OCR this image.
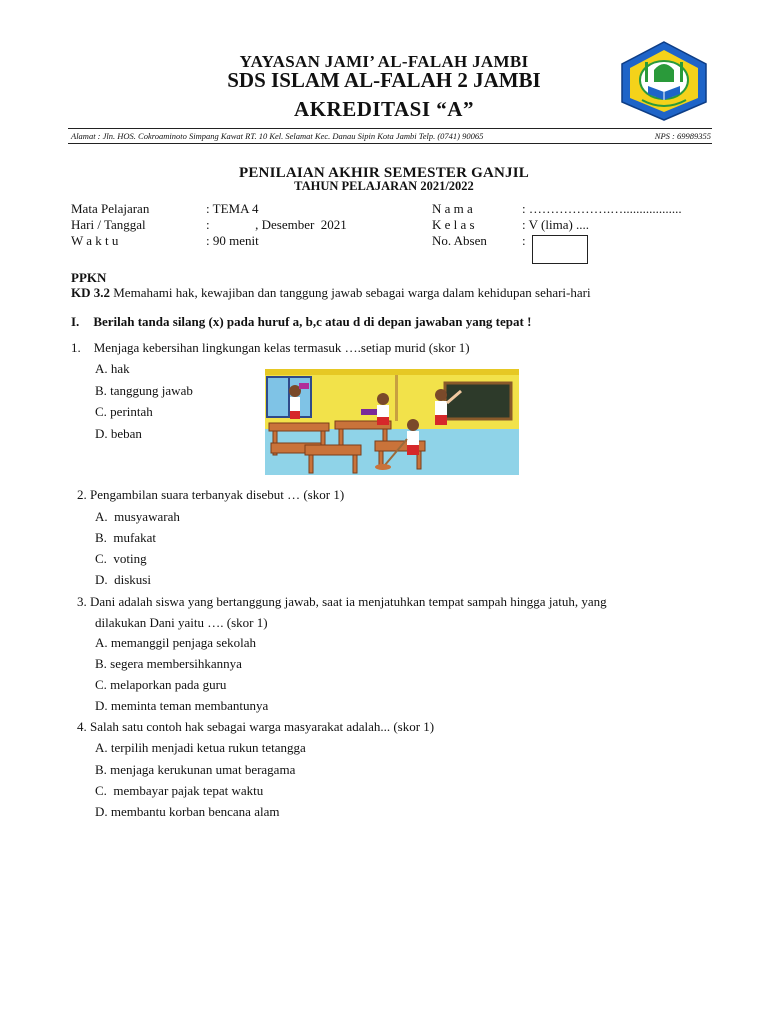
YAYASAN JAMI’ AL-FALAH JAMBI
SDS ISLAM AL-FALAH 2 JAMBI
AKREDITASI “A”
Alamat : Jln. HOS. Cokroaminoto Simpang Kawat RT. 10 Kel. Selamat Kec. Danau Sipin Kota Jambi Telp. (0741) 90065	NPS : 69989355
PENILAIAN AKHIR SEMESTER GANJIL
TAHUN PELAJARAN 2021/2022
Mata Pelajaran	: TEMA 4
Hari / Tanggal	:              , Desember  2021
W a k t u	: 90 menit
N a m a	: ……………….…..................
K e l a s	: V (lima) ....
No. Absen	:
PPKN
KD 3.2 Memahami hak, kewajiban dan tanggung jawab sebagai warga dalam kehidupan sehari-hari
I. Berilah tanda silang (x) pada huruf a, b,c atau d di depan jawaban yang tepat !
1.    Menjaga kebersihan lingkungan kelas termasuk ….setiap murid (skor 1)
A. hak
B. tanggung jawab
C. perintah
D. beban
2. Pengambilan suara terbanyak disebut … (skor 1)
A.  musyawarah
B.  mufakat
C.  voting
D.  diskusi
3. Dani adalah siswa yang bertanggung jawab, saat ia menjatuhkan tempat sampah hingga jatuh, yang
dilakukan Dani yaitu …. (skor 1)
A. memanggil penjaga sekolah
B. segera membersihkannya
C. melaporkan pada guru
D. meminta teman membantunya
4. Salah satu contoh hak sebagai warga masyarakat adalah... (skor 1)
A. terpilih menjadi ketua rukun tetangga
B. menjaga kerukunan umat beragama
C.  membayar pajak tepat waktu
D. membantu korban bencana alam
